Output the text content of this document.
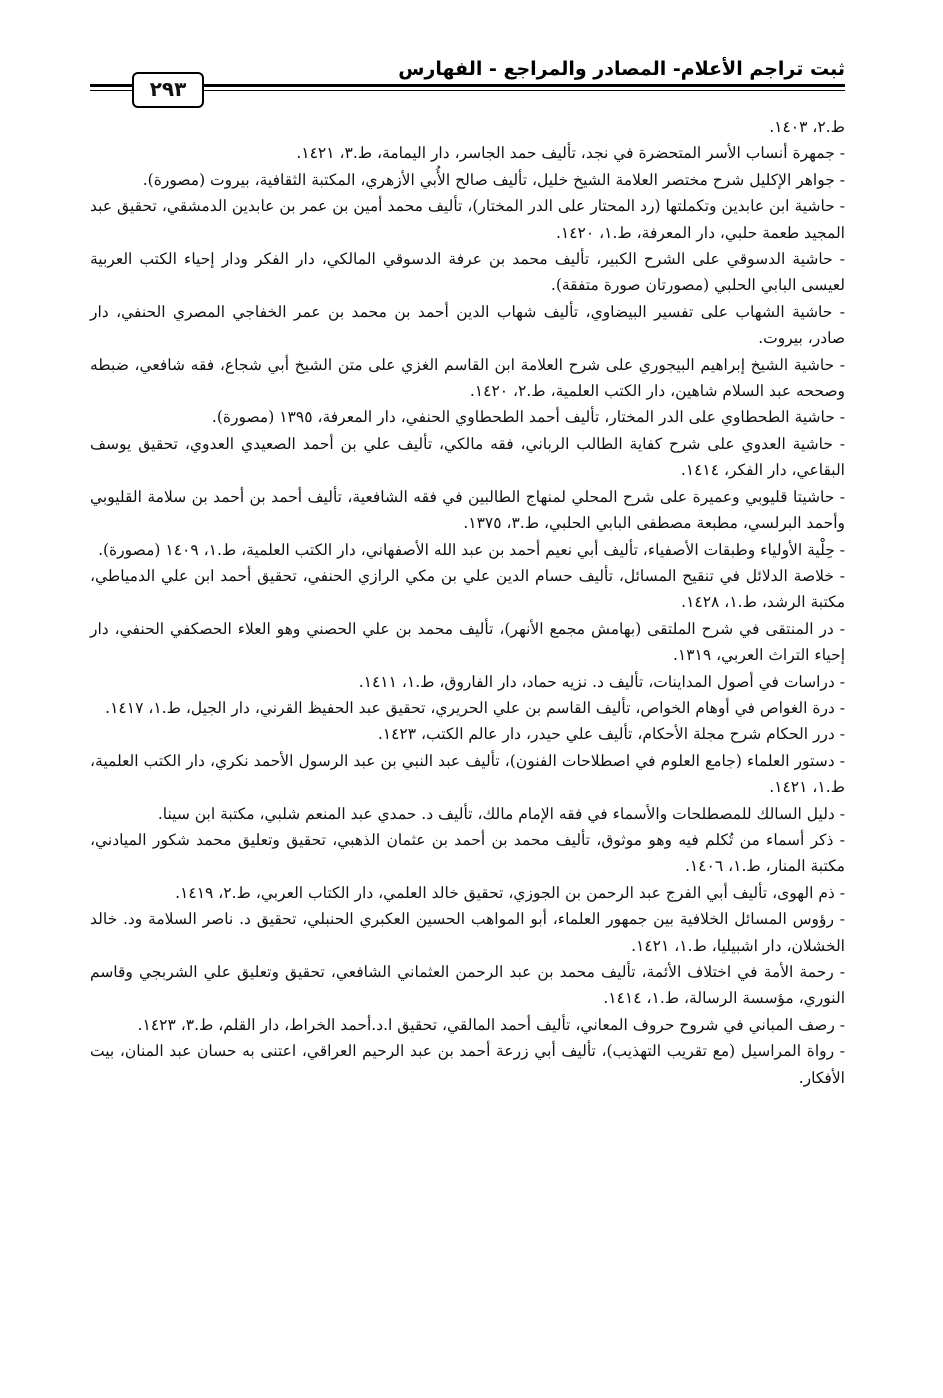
ثبت تراجم الأعلام- المصادر والمراجع - الفهارس
٢٩٣

ط.٢، ١٤٠٣.

- جمهرة أنساب الأسر المتحضرة في نجد، تأليف حمد الجاسر، دار اليمامة، ط.٣، ١٤٢١.

- جواهر الإكليل شرح مختصر العلامة الشيخ خليل، تأليف صالح الأُبي الأزهري، المكتبة الثقافية، بيروت (مصورة).

- حاشية ابن عابدين وتكملتها (رد المحتار على الدر المختار)، تأليف محمد أمين بن عمر بن عابدين الدمشقي، تحقيق عبد المجيد طعمة حلبي، دار المعرفة، ط.١، ١٤٢٠.

- حاشية الدسوقي على الشرح الكبير، تأليف محمد بن عرفة الدسوقي المالكي، دار الفكر ودار إحياء الكتب العربية لعيسى البابي الحلبي (مصورتان صورة متفقة).

- حاشية الشهاب على تفسير البيضاوي، تأليف شهاب الدين أحمد بن محمد بن عمر الخفاجي المصري الحنفي، دار صادر، بيروت.

- حاشية الشيخ إبراهيم البيجوري على شرح العلامة ابن القاسم الغزي على متن الشيخ أبي شجاع، فقه شافعي، ضبطه وصححه عبد السلام شاهين، دار الكتب العلمية، ط.٢، ١٤٢٠.

- حاشية الطحطاوي على الدر المختار، تأليف أحمد الطحطاوي الحنفي، دار المعرفة، ١٣٩٥ (مصورة).

- حاشية العدوي على شرح كفاية الطالب الرباني، فقه مالكي، تأليف علي بن أحمد الصعيدي العدوي، تحقيق يوسف البقاعي، دار الفكر، ١٤١٤.

- حاشيتا قليوبي وعميرة على شرح المحلي لمنهاج الطالبين في فقه الشافعية، تأليف أحمد بن أحمد بن سلامة القليوبي وأحمد البرلسي، مطبعة مصطفى البابي الحلبي، ط.٣، ١٣٧٥.

- حِلْية الأولياء وطبقات الأصفياء، تأليف أبي نعيم أحمد بن عبد الله الأصفهاني، دار الكتب العلمية، ط.١، ١٤٠٩ (مصورة).

- خلاصة الدلائل في تنقيح المسائل، تأليف حسام الدين علي بن مكي الرازي الحنفي، تحقيق أحمد ابن علي الدمياطي، مكتبة الرشد، ط.١، ١٤٢٨.

- در المنتقى في شرح الملتقى (بهامش مجمع الأنهر)، تأليف محمد بن علي الحصني وهو العلاء الحصكفي الحنفي، دار إحياء التراث العربي، ١٣١٩.

- دراسات في أصول المداينات، تأليف د. نزيه حماد، دار الفاروق، ط.١، ١٤١١.

- درة الغواص في أوهام الخواص، تأليف القاسم بن علي الحريري، تحقيق عبد الحفيظ القرني، دار الجيل، ط.١، ١٤١٧.

- درر الحكام شرح مجلة الأحكام، تأليف علي حيدر، دار عالم الكتب، ١٤٢٣.

- دستور العلماء (جامع العلوم في اصطلاحات الفنون)، تأليف عبد النبي بن عبد الرسول الأحمد نكري، دار الكتب العلمية، ط.١، ١٤٢١.

- دليل السالك للمصطلحات والأسماء في فقه الإمام مالك، تأليف د. حمدي عبد المنعم شلبي، مكتبة ابن سينا.

- ذكر أسماء من تُكلم فيه وهو موثوق، تأليف محمد بن أحمد بن عثمان الذهبي، تحقيق وتعليق محمد شكور الميادني، مكتبة المنار، ط.١، ١٤٠٦.

- ذم الهوى، تأليف أبي الفرج عبد الرحمن بن الجوزي، تحقيق خالد العلمي، دار الكتاب العربي، ط.٢، ١٤١٩.

- رؤوس المسائل الخلافية بين جمهور العلماء، أبو المواهب الحسين العكبري الحنبلي، تحقيق د. ناصر السلامة ود. خالد الخشلان، دار اشبيليا، ط.١، ١٤٢١.

- رحمة الأمة في اختلاف الأئمة، تأليف محمد بن عبد الرحمن العثماني الشافعي، تحقيق وتعليق علي الشربجي وقاسم النوري، مؤسسة الرسالة، ط.١، ١٤١٤.

- رصف المباني في شروح حروف المعاني، تأليف أحمد المالقي، تحقيق ا.د.أحمد الخراط، دار القلم، ط.٣، ١٤٢٣.

- رواة المراسيل (مع تقريب التهذيب)، تأليف أبي زرعة أحمد بن عبد الرحيم العراقي، اعتنى به حسان عبد المنان، بيت الأفكار.
